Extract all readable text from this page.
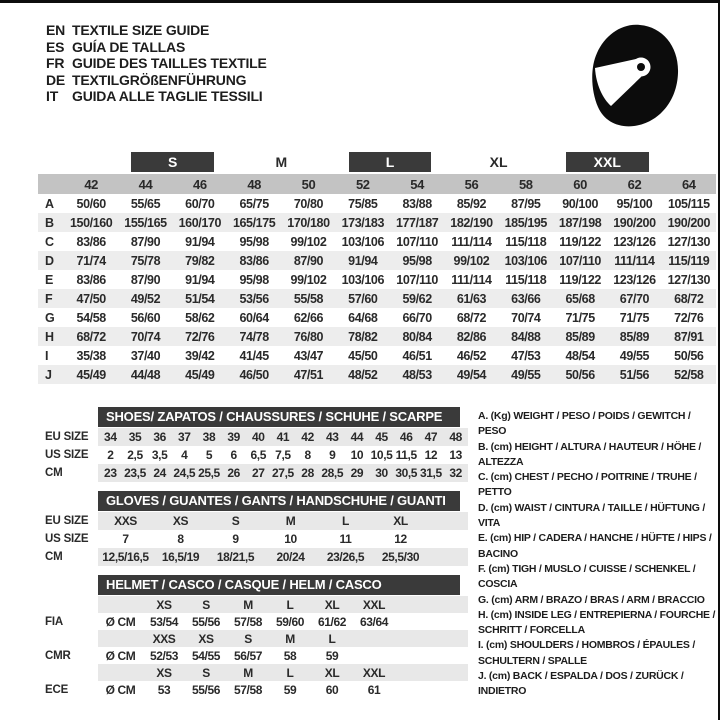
EN TEXTILE SIZE GUIDE
ES GUÍA DE TALLAS
FR GUIDE DES TAILLES TEXTILE
DE TEXTILGRÖßENFÜHRUNG
IT GUIDA ALLE TAGLIE TESSILI

		S		M		L		XL		XXL		

	42	44	46	48	50	52	54	56	58	60	62	64
A	50/60	55/65	60/70	65/75	70/80	75/85	83/88	85/92	87/95	90/100	95/100	105/115
B	150/160	155/165	160/170	165/175	170/180	173/183	177/187	182/190	185/195	187/198	190/200	190/200
C	83/86	87/90	91/94	95/98	99/102	103/106	107/110	111/114	115/118	119/122	123/126	127/130
D	71/74	75/78	79/82	83/86	87/90	91/94	95/98	99/102	103/106	107/110	111/114	115/119
E	83/86	87/90	91/94	95/98	99/102	103/106	107/110	111/114	115/118	119/122	123/126	127/130
F	47/50	49/52	51/54	53/56	55/58	57/60	59/62	61/63	63/66	65/68	67/70	68/72
G	54/58	56/60	58/62	60/64	62/66	64/68	66/70	68/72	70/74	71/75	71/75	72/76
H	68/72	70/74	72/76	74/78	76/80	78/82	80/84	82/86	84/88	85/89	85/89	87/91
I	35/38	37/40	39/42	41/45	43/47	45/50	46/51	46/52	47/53	48/54	49/55	50/56
J	45/49	44/48	45/49	46/50	47/51	48/52	48/53	49/54	49/55	50/56	51/56	52/58
SHOES/ ZAPATOS / CHAUSSURES / SCHUHE / SCARPE
EU SIZE	34	35	36	37	38	39	40	41	42	43	44	45	46	47	48
US SIZE	2	2,5	3,5	4	5	6	6,5	7,5	8	9	10	10,5	11,5	12	13
CM	23	23,5	24	24,5	25,5	26	27	27,5	28	28,5	29	30	30,5	31,5	32
GLOVES / GUANTES / GANTS / HANDSCHUHE / GUANTI
EU SIZE	XXS	XS	S	M	L	XL	
US SIZE	7	8	9	10	11	12	
CM	12,5/16,5	16,5/19	18/21,5	20/24	23/26,5	25,5/30	
HELMET / CASCO / CASQUE / HELM / CASCO
		XS	S	M	L	XL	XXL	
FIA	Ø CM	53/54	55/56	57/58	59/60	61/62	63/64	
		XXS	XS	S	M	L		
CMR	Ø CM	52/53	54/55	56/57	58	59		
		XS	S	M	L	XL	XXL	
ECE	Ø CM	53	55/56	57/58	59	60	61	
A. (Kg) WEIGHT / PESO / POIDS / GEWITCH / PESO
B. (cm) HEIGHT / ALTURA / HAUTEUR / HÖHE / ALTEZZA
C. (cm) CHEST / PECHO / POITRINE / TRUHE / PETTO
D. (cm) WAIST / CINTURA / TAILLE / HÜFTUNG / VITA
E. (cm) HIP / CADERA / HANCHE / HÜFTE / HIPS / BACINO
F. (cm) TIGH / MUSLO / CUISSE / SCHENKEL / COSCIA
G. (cm) ARM / BRAZO / BRAS / ARM / BRACCIO
H. (cm) INSIDE LEG / ENTREPIERNA / FOURCHE / SCHRITT / FORCELLA
I. (cm) SHOULDERS / HOMBROS / ÉPAULES / SCHULTERN / SPALLE
J. (cm) BACK / ESPALDA / DOS / ZURÜCK / INDIETRO
